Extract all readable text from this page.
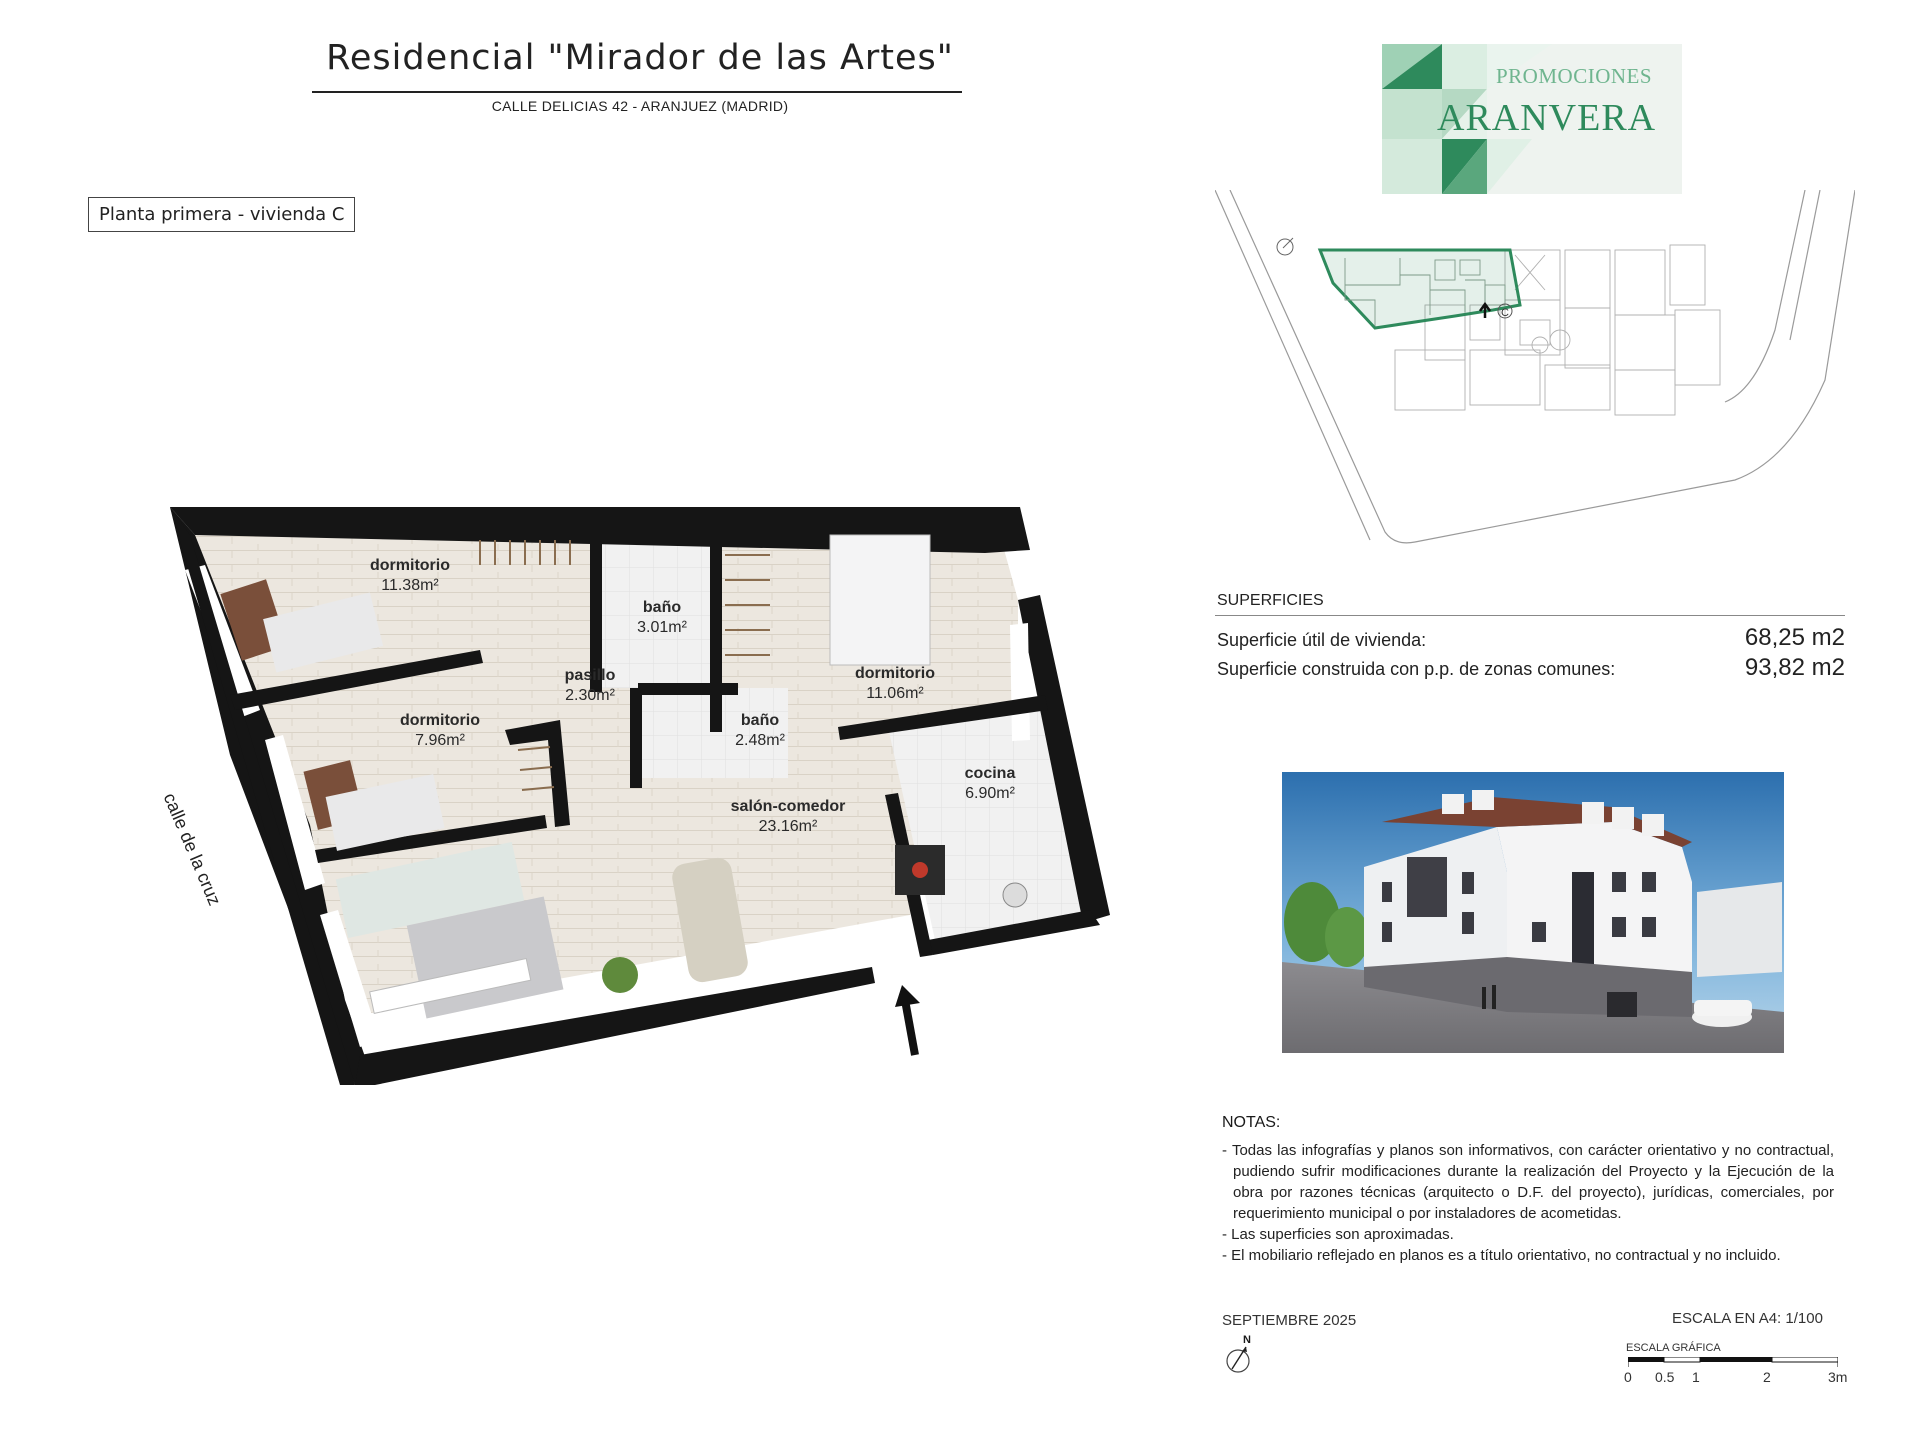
Residencial "Mirador de las Artes"
CALLE DELICIAS 42 - ARANJUEZ (MADRID)
Planta primera - vivienda C
PROMOCIONES
ARANVERA
C
SUPERFICIES
Superficie útil de vivienda:	68,25 m2
Superficie construida con p.p. de zonas comunes:	93,82 m2
NOTAS:
- Todas las infografías y planos son informativos, con carácter orientativo y no contractual, pudiendo sufrir modificaciones durante la realización del Proyecto y la Ejecución de la obra por razones técnicas (arquitecto o D.F. del proyecto), jurídicas, comerciales, por requerimiento municipal o por instaladores de acometidas.
- Las superficies son aproximadas.
- El mobiliario reflejado en planos es a título orientativo, no contractual y no incluido.
SEPTIEMBRE 2025	ESCALA EN A4: 1/100
ESCALA GRÁFICA
0 0.5 1	2	3m
N
dormitorio
11.38m²
baño
3.01m²
pasillo
2.30m²
dormitorio
11.06m²
dormitorio
7.96m²
baño
2.48m²
cocina
6.90m²
salón-comedor
23.16m²
calle de la cruz
